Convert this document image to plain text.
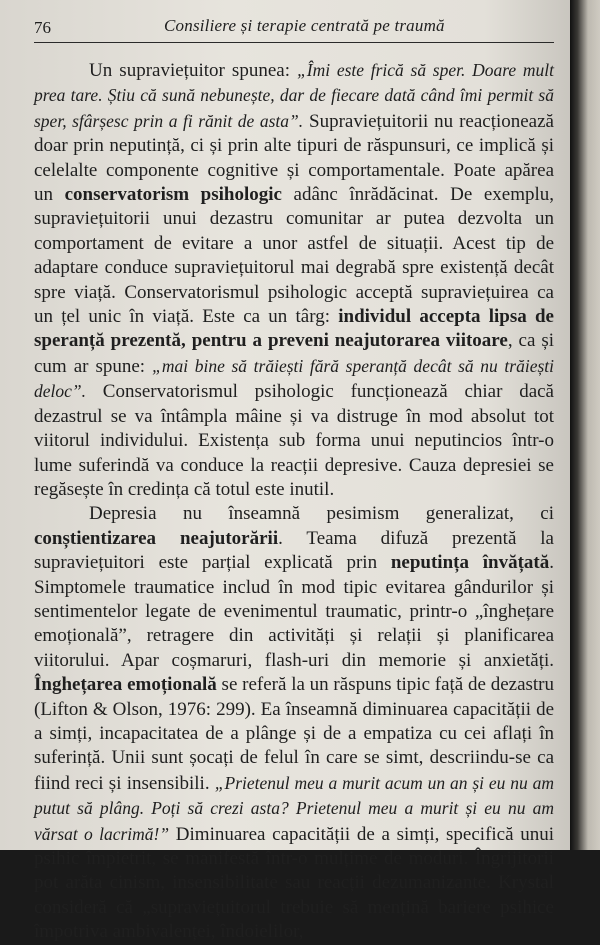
76	Consiliere și terapie centrată pe traumă

Un supraviețuitor spunea: „Îmi este frică să sper. Doare mult prea tare. Știu că sună nebunește, dar de fiecare dată când îmi permit să sper, sfârșesc prin a fi rănit de asta”. Supraviețuitorii nu reacționează doar prin neputință, ci și prin alte tipuri de răspunsuri, ce implică și celelalte componente cognitive și comportamentale. Poate apărea un conservatorism psihologic adânc înrădăcinat. De exemplu, supraviețuitorii unui dezastru comunitar ar putea dezvolta un comportament de evitare a unor astfel de situații. Acest tip de adaptare conduce supraviețuitorul mai degrabă spre existență decât spre viață. Conservatorismul psihologic acceptă supraviețuirea ca un țel unic în viață. Este ca un târg: individul accepta lipsa de speranță prezentă, pentru a preveni neajutorarea viitoare, ca și cum ar spune: „mai bine să trăiești fără speranță decât să nu trăiești deloc”. Conservatorismul psihologic funcționează chiar dacă dezastrul se va întâmpla mâine și va distruge în mod absolut tot viitorul individului. Existența sub forma unui neputincios într-o lume suferindă va conduce la reacții depresive. Cauza depresiei se regăsește în credința că totul este inutil.

Depresia nu înseamnă pesimism generalizat, ci conștientizarea neajutorării. Teama difuză prezentă la supraviețuitori este parțial explicată prin neputința învățată. Simptomele traumatice includ în mod tipic evitarea gândurilor și sentimentelor legate de evenimentul traumatic, printr-o „înghețare emoțională”, retragere din activități și relații și planificarea viitorului. Apar coșmaruri, flash-uri din memorie și anxietăți. Înghețarea emoțională se referă la un răspuns tipic față de dezastru (Lifton & Olson, 1976: 299). Ea înseamnă diminuarea capacității de a simți, incapacitatea de a plânge și de a empatiza cu cei aflați în suferință. Unii sunt șocați de felul în care se simt, descriindu-se ca fiind reci și insensibili. „Prietenul meu a murit acum un an și eu nu am putut să plâng. Poți să crezi asta? Prietenul meu a murit și eu nu am vărsat o lacrimă!” Diminuarea capacității de a simți, specifică unui psihic împietrit, se manifestă într-o mulțime de moduri. Îngrijitorii pot arăta cinism, insensibilitate sau reacții dezumanizante. Krystal consideră că „supraviețuitorul trebuie să mențină bariere psihice împotriva ambivalenței, îndoielilor,
